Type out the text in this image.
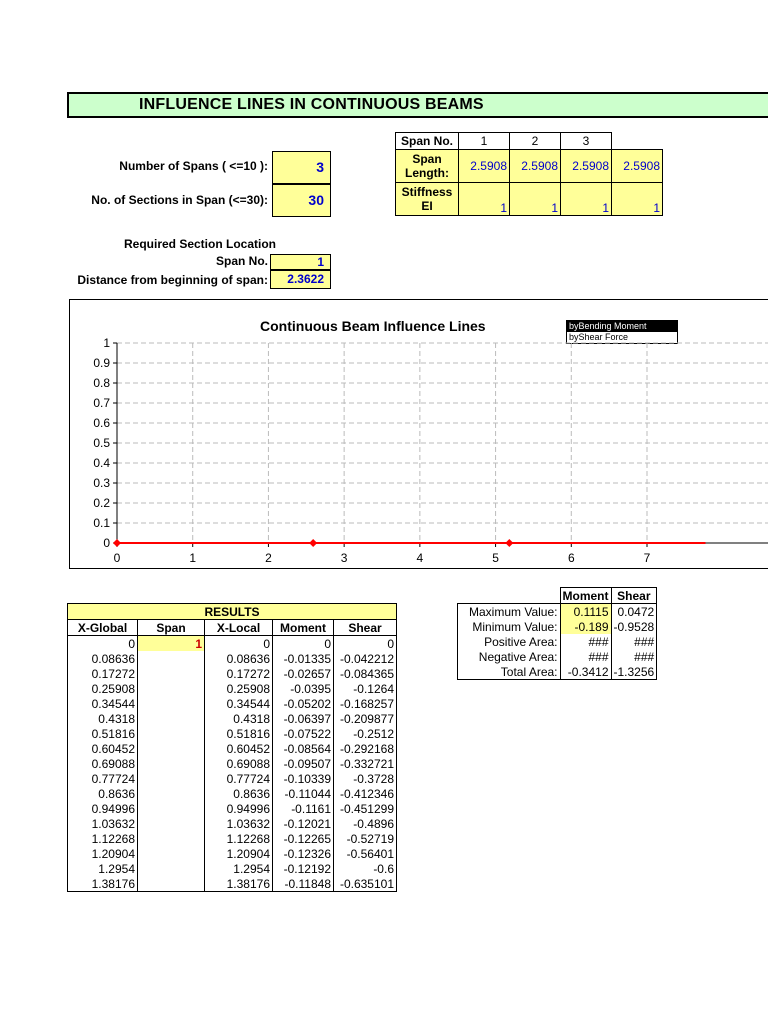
INFLUENCE LINES IN CONTINUOUS BEAMS
Number of Spans ( <=10 ):	3
No. of Sections in Span (<=30):	30
Required Section Location
Span No.	1
Distance from beginning of span:	2.3622
Span No.	1	2	3	
Span
Length:	2.5908	2.5908	2.5908	2.5908
Stiffness
EI	1	1	1	1
Continuous Beam Influence Lines	byBending Moment
byShear Force
0
0.1
0.2
0.3
0.4
0.5
0.6
0.7
0.8
0.9
1
0	1	2	3	4	5	6	7
RESULTS				
X-Global	Span	X-Local	Moment	Shear
0	1	0	0	0
0.08636		0.08636	-0.01335	-0.042212
0.17272		0.17272	-0.02657	-0.084365
0.25908		0.25908	-0.0395	-0.1264
0.34544		0.34544	-0.05202	-0.168257
0.4318		0.4318	-0.06397	-0.209877
0.51816		0.51816	-0.07522	-0.2512
0.60452		0.60452	-0.08564	-0.292168
0.69088		0.69088	-0.09507	-0.332721
0.77724		0.77724	-0.10339	-0.3728
0.8636		0.8636	-0.11044	-0.412346
0.94996		0.94996	-0.1161	-0.451299
1.03632		1.03632	-0.12021	-0.4896
1.12268		1.12268	-0.12265	-0.52719
1.20904		1.20904	-0.12326	-0.56401
1.2954		1.2954	-0.12192	-0.6
1.38176		1.38176	-0.11848	-0.635101
	Moment	Shear
Maximum Value:	0.1115	0.0472
Minimum Value:	-0.189	-0.9528
Positive Area:	###	###
Negative Area:	###	###
Total Area:	-0.3412	-1.3256
